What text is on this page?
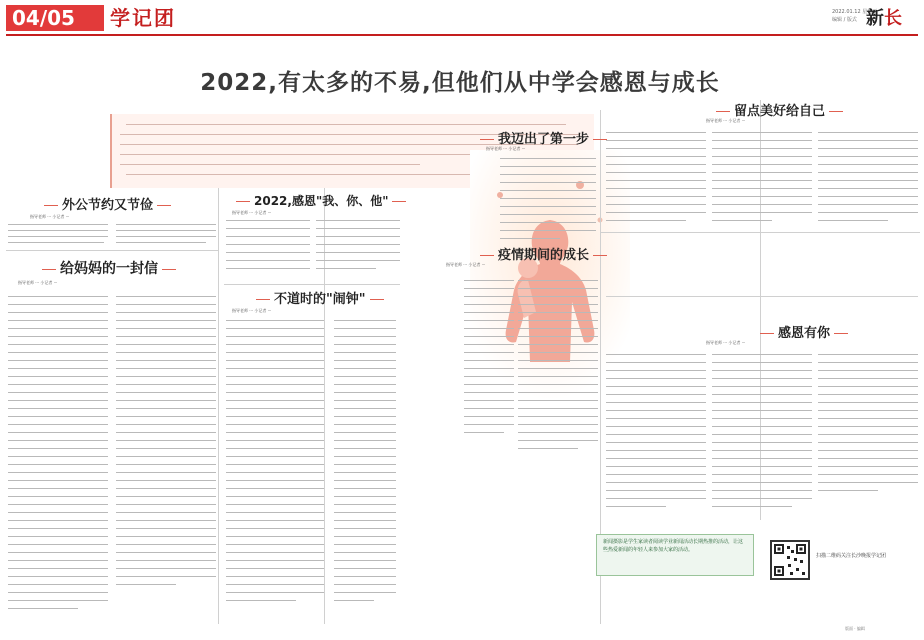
04/05	学记团	2022.01.12 星期三
编辑 / 版式 新长
2022,有太多的不易,但他们从中学会感恩与成长
外公节约又节俭
指导老师 ··· 小记者 ···
给妈妈的一封信
指导老师 ··· 小记者 ···
2022,感恩"我、你、他"
指导老师 ··· 小记者 ···
不道时的"闹钟"
指导老师 ··· 小记者 ···
我迈出了第一步
指导老师 ··· 小记者 ···
疫情期间的成长
指导老师 ··· 小记者 ···
新闻摄影是学生家读者阅读学业新闻活动长期热推的活动，让这些热爱新闻的年轻人来参加大家的活动。
留点美好给自己
指导老师 ··· 小记者 ···
感恩有你
指导老师 ··· 小记者 ···
扫描二维码关注长沙晚报学记团
版面 · 编辑
